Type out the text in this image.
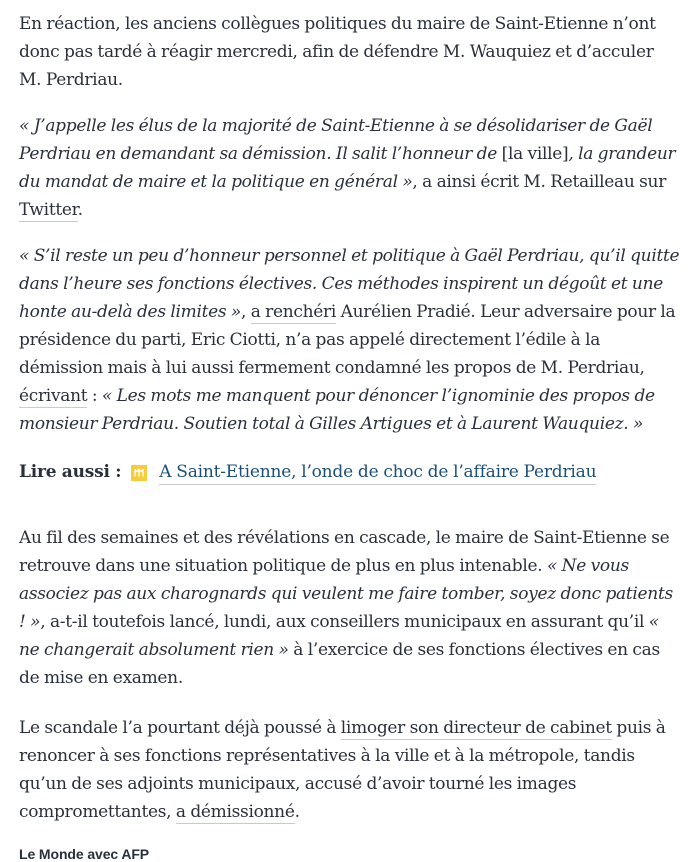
En réaction, les anciens collègues politiques du maire de Saint-Etienne n’ont donc pas tardé à réagir mercredi, afin de défendre M. Wauquiez et d’acculer M. Perdriau.

« J’appelle les élus de la majorité de Saint-Etienne à se désolidariser de Gaël Perdriau en demandant sa démission. Il salit l’honneur de [la ville], la grandeur du mandat de maire et la politique en général », a ainsi écrit M. Retailleau sur Twitter.

« S’il reste un peu d’honneur personnel et politique à Gaël Perdriau, qu’il quitte dans l’heure ses fonctions électives. Ces méthodes inspirent un dégoût et une honte au-delà des limites », a renchéri Aurélien Pradié. Leur adversaire pour la présidence du parti, Eric Ciotti, n’a pas appelé directement l’édile à la démission mais à lui aussi fermement condamné les propos de M. Perdriau, écrivant : « Les mots me manquent pour dénoncer l’ignominie des propos de monsieur Perdriau. Soutien total à Gilles Artigues et à Laurent Wauquiez. »

Lire aussi : A Saint-Etienne, l’onde de choc de l’affaire Perdriau

Au fil des semaines et des révélations en cascade, le maire de Saint-Etienne se retrouve dans une situation politique de plus en plus intenable. « Ne vous associez pas aux charognards qui veulent me faire tomber, soyez donc patients ! », a-t-il toutefois lancé, lundi, aux conseillers municipaux en assurant qu’il « ne changerait absolument rien » à l’exercice de ses fonctions électives en cas de mise en examen.

Le scandale l’a pourtant déjà poussé à limoger son directeur de cabinet puis à renoncer à ses fonctions représentatives à la ville et à la métropole, tandis qu’un de ses adjoints municipaux, accusé d’avoir tourné les images compromettantes, a démissionné.

Le Monde avec AFP
